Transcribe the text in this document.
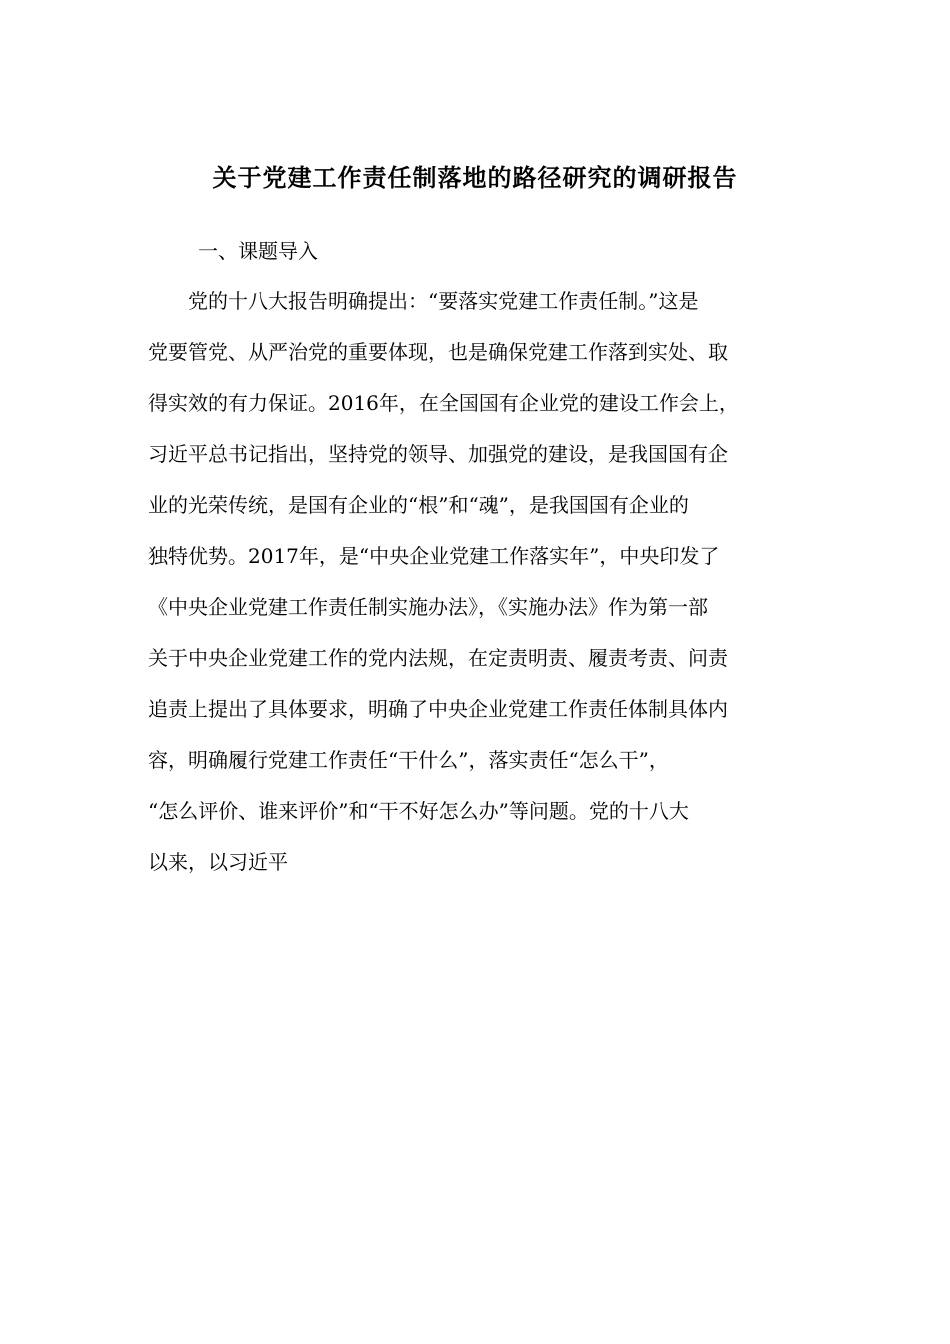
关于党建工作责任制落地的路径研究的调研报告
一、课题导入
　　党的十八大报告明确提出：“要落实党建工作责任制。”这是
党要管党、从严治党的重要体现，也是确保党建工作落到实处、取
得实效的有力保证。2016年，在全国国有企业党的建设工作会上，
习近平总书记指出，坚持党的领导、加强党的建设，是我国国有企
业的光荣传统，是国有企业的“根”和“魂”，是我国国有企业的
独特优势。2017年，是“中央企业党建工作落实年”，中央印发了
《中央企业党建工作责任制实施办法》，《实施办法》作为第一部
关于中央企业党建工作的党内法规，在定责明责、履责考责、问责
追责上提出了具体要求，明确了中央企业党建工作责任体制具体内
容，明确履行党建工作责任“干什么”，落实责任“怎么干”，
“怎么评价、谁来评价”和“干不好怎么办”等问题。党的十八大
以来，以习近平
